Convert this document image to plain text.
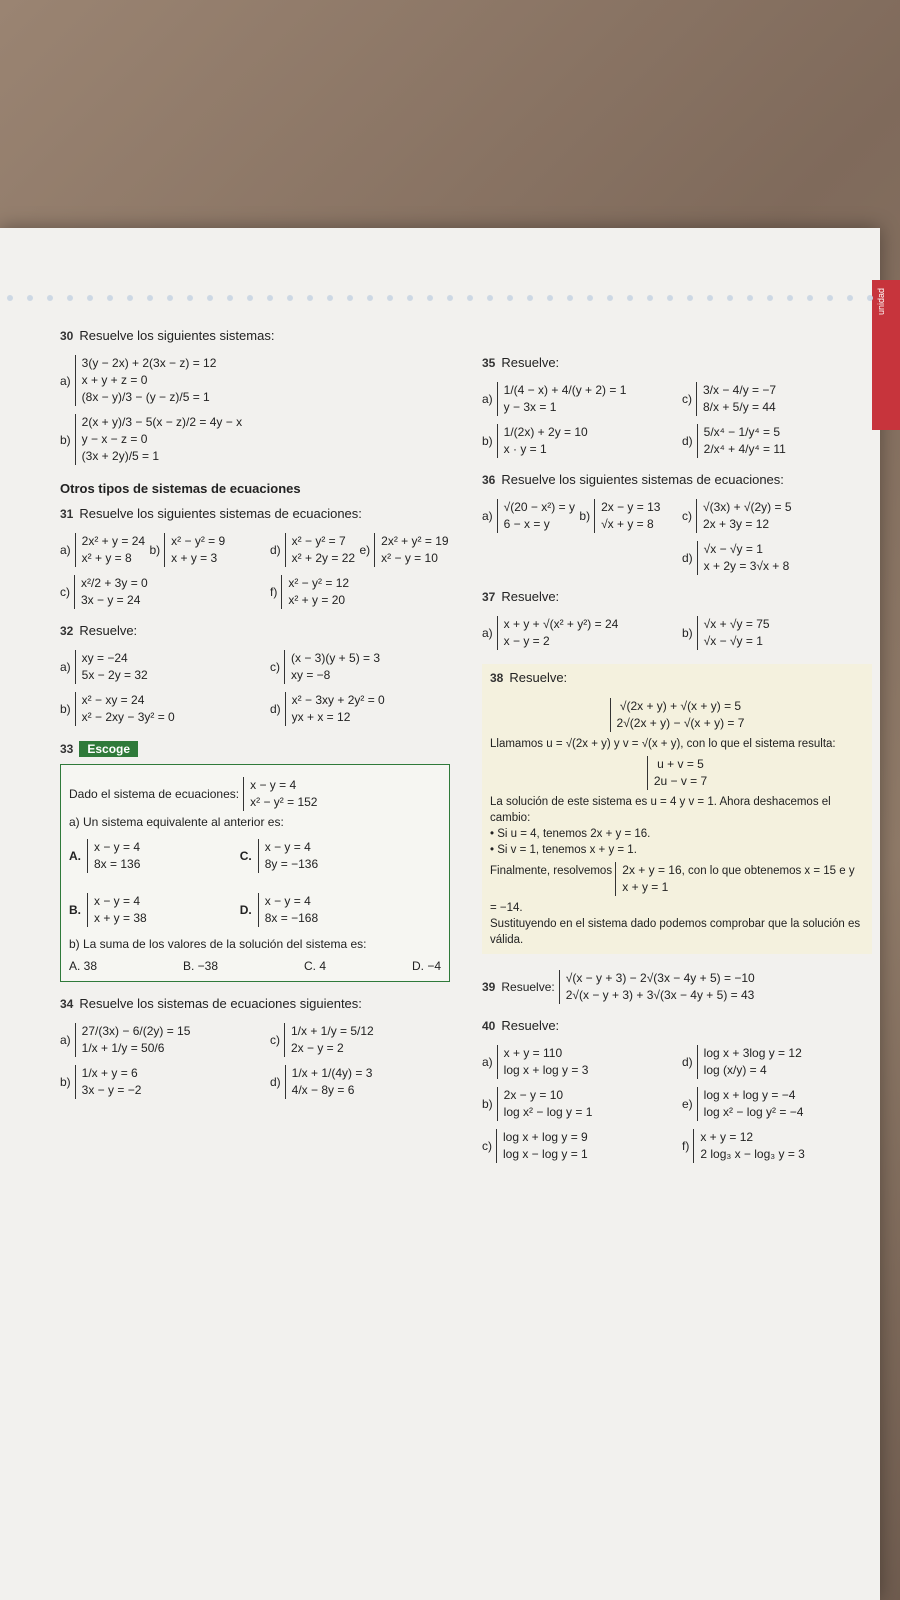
unidad
30 Resuelve los siguientes sistemas:
a)
3(y − 2x) + 2(3x − z) = 12
x + y + z = 0
(8x − y)/3 − (y − z)/5 = 1

b)
2(x + y)/3 − 5(x − z)/2 = 4y − x
y − x − z = 0
(3x + 2y)/5 = 1
Otros tipos de sistemas de ecuaciones
31 Resuelve los siguientes sistemas de ecuaciones:
a)
2x² + y = 24
x² + y = 8

b)
x² − y² = 9
x + y = 3

c)
x²/2 + 3y = 0
3x − y = 24
d)
x² − y² = 7
x² + 2y = 22

e)
2x² + y² = 19
x² − y = 10

f)
x² − y² = 12
x² + y = 20
32 Resuelve:
a)
xy = −24
5x − 2y = 32

b)
x² − xy = 24
x² − 2xy − 3y² = 0
c)
(x − 3)(y + 5) = 3
xy = −8

d)
x² − 3xy + 2y² = 0
yx + x = 12
33 Escoge
Dado el sistema de ecuaciones:
x − y = 4
x² − y² = 152
a) Un sistema equivalente al anterior es:
A.
x − y = 4
8x = 136

C.
x − y = 4
8y = −136

B.
x − y = 4
x + y = 38

D.
x − y = 4
8x = −168
b) La suma de los valores de la solución del sistema es:
A. 38	B. −38	C. 4	D. −4
34 Resuelve los sistemas de ecuaciones siguientes:
a)
27/(3x) − 6/(2y) = 15
1/x + 1/y = 50/6

b)
1/x + y = 6
3x − y = −2
c)
1/x + 1/y = 5/12
2x − y = 2

d)
1/x + 1/(4y) = 3
4/x − 8y = 6
35 Resuelve:
a)
1/(4 − x) + 4/(y + 2) = 1
y − 3x = 1

b)
1/(2x) + 2y = 10
x · y = 1
c)
3/x − 4/y = −7
8/x + 5/y = 44

d)
5/x⁴ − 1/y⁴ = 5
2/x⁴ + 4/y⁴ = 11
36 Resuelve los siguientes sistemas de ecuaciones:
a)
√(20 − x²) = y
6 − x = y

b)
2x − y = 13
√x + y = 8
c)
√(3x) + √(2y) = 5
2x + 3y = 12

d)
√x − √y = 1
x + 2y = 3√x + 8
37 Resuelve:
a)
x + y + √(x² + y²) = 24
x − y = 2
b)
√x + √y = 75
√x − √y = 1
38 Resuelve:
√(2x + y) + √(x + y) = 5
2√(2x + y) − √(x + y) = 7
Llamamos u = √(2x + y) y v = √(x + y), con lo que el sistema resulta:
u + v = 5
2u − v = 7
La solución de este sistema es u = 4 y v = 1. Ahora deshacemos el cambio:
• Si u = 4, tenemos 2x + y = 16.
• Si v = 1, tenemos x + y = 1.
Finalmente, resolvemos 2x + y = 16
x + y = 1
, con lo que obtenemos x = 15 e y = −14.
Sustituyendo en el sistema dado podemos comprobar que la solución es válida.
39 Resuelve:
√(x − y + 3) − 2√(3x − 4y + 5) = −10
2√(x − y + 3) + 3√(3x − 4y + 5) = 43
40 Resuelve:
a)
x + y = 110
log x + log y = 3

b)
2x − y = 10
log x² − log y = 1

c)
log x + log y = 9
log x − log y = 1
d)
log x + 3log y = 12
log (x/y) = 4

e)
log x + log y = −4
log x² − log y² = −4

f)
x + y = 12
2 log₃ x − log₃ y = 3
